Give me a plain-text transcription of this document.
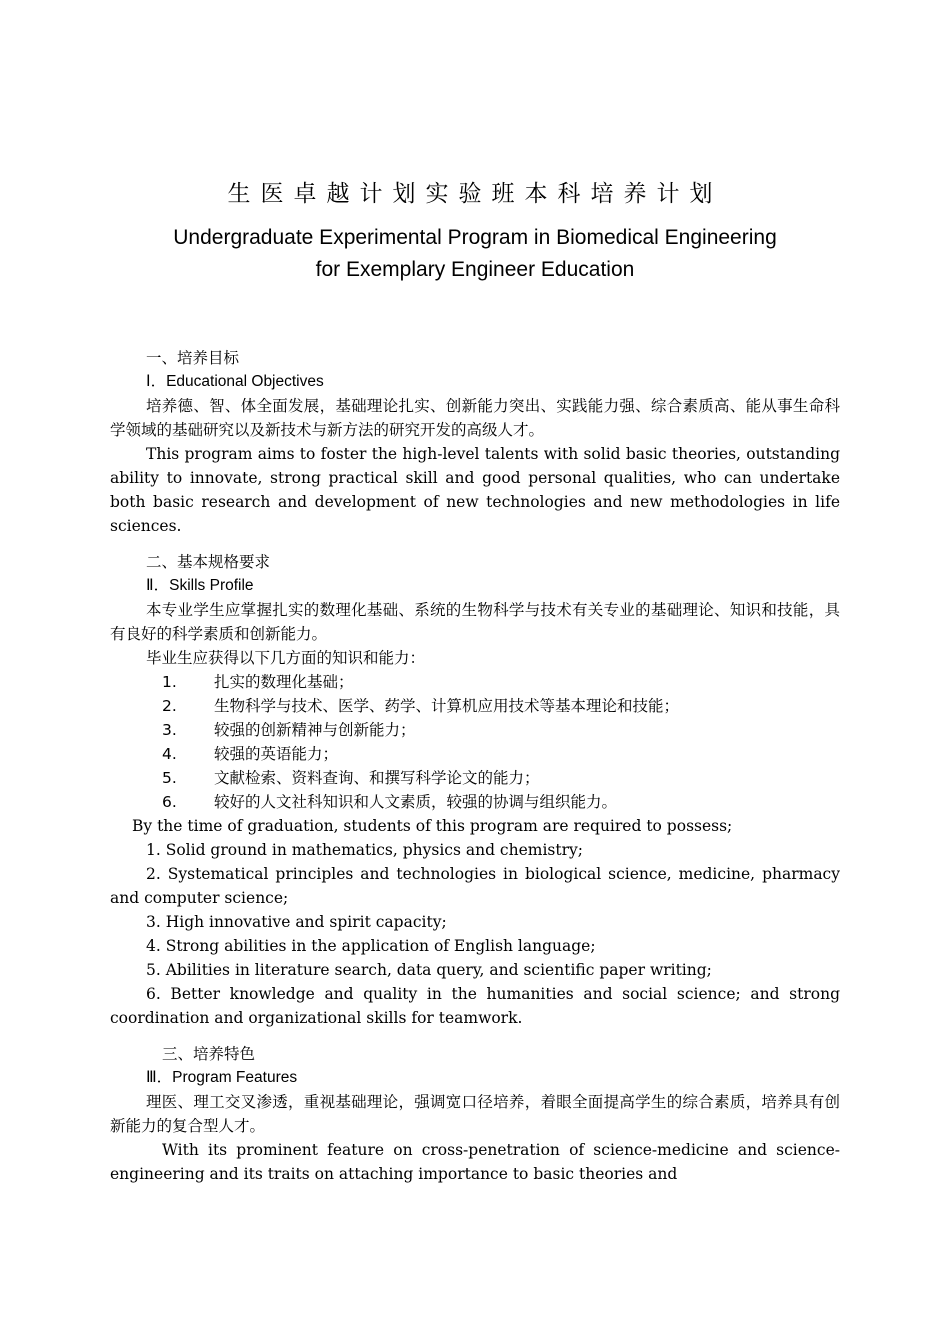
生医卓越计划实验班本科培养计划
Undergraduate Experimental Program in Biomedical Engineering
for Exemplary Engineer Education

一、培养目标

Ⅰ．Educational Objectives

培养德、智、体全面发展，基础理论扎实、创新能力突出、实践能力强、综合素质高、能从事生命科学领域的基础研究以及新技术与新方法的研究开发的高级人才。

This program aims to foster the high-level talents with solid basic theories, outstanding ability to innovate, strong practical skill and good personal qualities, who can undertake both basic research and development of new technologies and new methodologies in life sciences.

二、基本规格要求

Ⅱ．Skills Profile

本专业学生应掌握扎实的数理化基础、系统的生物科学与技术有关专业的基础理论、知识和技能，具有良好的科学素质和创新能力。

毕业生应获得以下几方面的知识和能力：

1.	扎实的数理化基础；

2.	生物科学与技术、医学、药学、计算机应用技术等基本理论和技能；

3.	较强的创新精神与创新能力；

4.	较强的英语能力；

5.	文献检索、资料查询、和撰写科学论文的能力；

6.	较好的人文社科知识和人文素质，较强的协调与组织能力。

By the time of graduation, students of this program are required to possess;

1. Solid ground in mathematics, physics and chemistry;

2. Systematical principles and technologies in biological science, medicine, pharmacy and computer science;

3. High innovative and spirit capacity;

4. Strong abilities in the application of English language;

5. Abilities in literature search, data query, and scientific paper writing;

6. Better knowledge and quality in the humanities and social science; and strong coordination and organizational skills for teamwork.

三、培养特色

Ⅲ．Program Features

理医、理工交叉渗透，重视基础理论，强调宽口径培养，着眼全面提高学生的综合素质，培养具有创新能力的复合型人才。

With its prominent feature on cross-penetration of science-medicine and science-engineering and its traits on attaching importance to basic theories and
